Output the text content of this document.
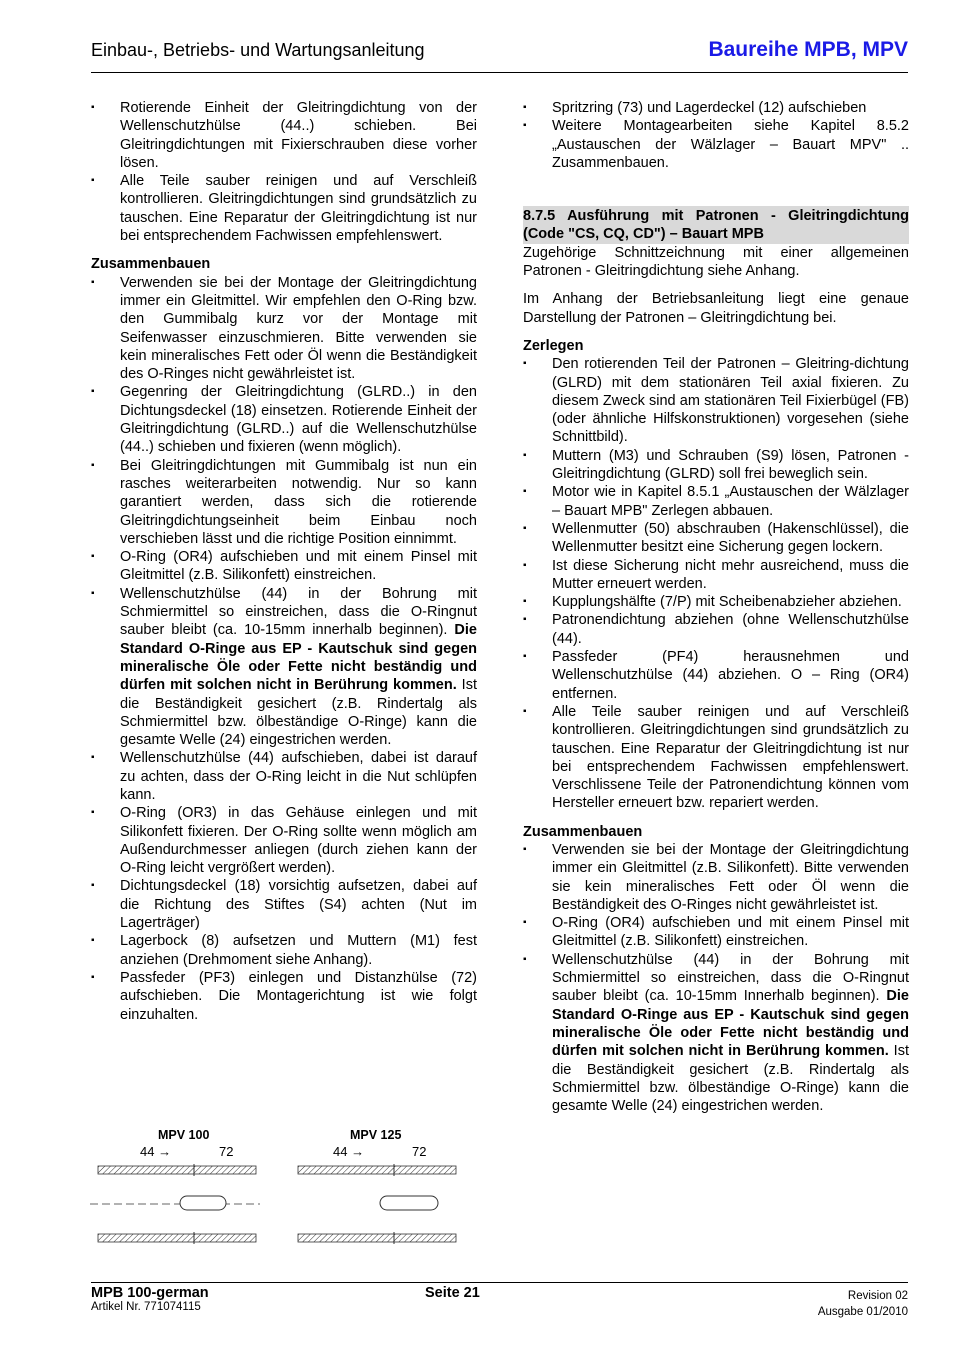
Einbau-, Betriebs- und Wartungsanleitung	Baureihe MPB, MPV
▪ Rotierende Einheit der Gleitringdichtung von der Wellenschutzhülse (44..) schieben. Bei Gleitringdichtungen mit Fixierschrauben diese vorher lösen.
▪ Alle Teile sauber reinigen und auf Verschleiß kontrollieren. Gleitringdichtungen sind grundsätzlich zu tauschen. Eine Reparatur der Gleitringdichtung ist nur bei entsprechendem Fachwissen empfehlenswert.
Zusammenbauen
▪ Verwenden sie bei der Montage der Gleitringdichtung immer ein Gleitmittel. Wir empfehlen den O-Ring bzw. den Gummibalg kurz vor der Montage mit Seifenwasser einzuschmieren. Bitte verwenden sie kein mineralisches Fett oder Öl wenn die Beständigkeit des O-Ringes nicht gewährleistet ist.
▪ Gegenring der Gleitringdichtung (GLRD..) in den Dichtungsdeckel (18) einsetzen. Rotierende Einheit der Gleitringdichtung (GLRD..) auf die Wellenschutzhülse (44..) schieben und fixieren (wenn möglich).
▪ Bei Gleitringdichtungen mit Gummibalg ist nun ein rasches weiterarbeiten notwendig. Nur so kann garantiert werden, dass sich die rotierende Gleitringdichtungseinheit beim Einbau noch verschieben lässt und die richtige Position einnimmt.
▪ O-Ring (OR4) aufschieben und mit einem Pinsel mit Gleitmittel (z.B. Silikonfett) einstreichen.
▪ Wellenschutzhülse (44) in der Bohrung mit Schmiermittel so einstreichen, dass die O-Ringnut sauber bleibt (ca. 10-15mm innerhalb beginnen). Die Standard O-Ringe aus EP - Kautschuk sind gegen mineralische Öle oder Fette nicht beständig und dürfen mit solchen nicht in Berührung kommen. Ist die Beständigkeit gesichert (z.B. Rindertalg als Schmiermittel bzw. ölbeständige O-Ringe) kann die gesamte Welle (24) eingestrichen werden.
▪ Wellenschutzhülse (44) aufschieben, dabei ist darauf zu achten, dass der O-Ring leicht in die Nut schlüpfen kann.
▪ O-Ring (OR3) in das Gehäuse einlegen und mit Silikonfett fixieren. Der O-Ring sollte wenn möglich am Außendurchmesser anliegen (durch ziehen kann der O-Ring leicht vergrößert werden).
▪ Dichtungsdeckel (18) vorsichtig aufsetzen, dabei auf die Richtung des Stiftes (S4) achten (Nut im Lagerträger)
▪ Lagerbock (8) aufsetzen und Muttern (M1) fest anziehen (Drehmoment siehe Anhang).
▪ Passfeder (PF3) einlegen und Distanzhülse (72) aufschieben. Die Montagerichtung ist wie folgt einzuhalten.
MPV 100
44 →	72
MPV 125
44 →	72
▪ Spritzring (73) und Lagerdeckel (12) aufschieben
▪ Weitere Montagearbeiten siehe Kapitel 8.5.2 „Austauschen der Wälzlager – Bauart MPV" .. Zusammenbauen.
8.7.5 Ausführung mit Patronen - Gleitringdichtung (Code "CS, CQ, CD") – Bauart MPB

Zugehörige Schnittzeichnung mit einer allgemeinen Patronen - Gleitringdichtung siehe Anhang.

Im Anhang der Betriebsanleitung liegt eine genaue Darstellung der Patronen – Gleitringdichtung bei.

Zerlegen
▪ Den rotierenden Teil der Patronen – Gleitring-dichtung (GLRD) mit dem stationären Teil axial fixieren. Zu diesem Zweck sind am stationären Teil Fixierbügel (FB) (oder ähnliche Hilfskonstruktionen) vorgesehen (siehe Schnittbild).
▪ Muttern (M3) und Schrauben (S9) lösen, Patronen - Gleitringdichtung (GLRD) soll frei beweglich sein.
▪ Motor wie in Kapitel 8.5.1 „Austauschen der Wälzlager – Bauart MPB" Zerlegen abbauen.
▪ Wellenmutter (50) abschrauben (Hakenschlüssel), die Wellenmutter besitzt eine Sicherung gegen lockern.
▪ Ist diese Sicherung nicht mehr ausreichend, muss die Mutter erneuert werden.
▪ Kupplungshälfte (7/P) mit Scheibenabzieher abziehen.
▪ Patronendichtung abziehen (ohne Wellenschutzhülse (44).
▪ Passfeder (PF4) herausnehmen und Wellenschutzhülse (44) abziehen. O – Ring (OR4) entfernen.
▪ Alle Teile sauber reinigen und auf Verschleiß kontrollieren. Gleitringdichtungen sind grundsätzlich zu tauschen. Eine Reparatur der Gleitringdichtung ist nur bei entsprechendem Fachwissen empfehlenswert. Verschlissene Teile der Patronendichtung können vom Hersteller erneuert bzw. repariert werden.
Zusammenbauen
▪ Verwenden sie bei der Montage der Gleitringdichtung immer ein Gleitmittel (z.B. Silikonfett). Bitte verwenden sie kein mineralisches Fett oder Öl wenn die Beständigkeit des O-Ringes nicht gewährleistet ist.
▪ O-Ring (OR4) aufschieben und mit einem Pinsel mit Gleitmittel (z.B. Silikonfett) einstreichen.
▪ Wellenschutzhülse (44) in der Bohrung mit Schmiermittel so einstreichen, dass die O-Ringnut sauber bleibt (ca. 10-15mm Innerhalb beginnen). Die Standard O-Ringe aus EP - Kautschuk sind gegen mineralische Öle oder Fette nicht beständig und dürfen mit solchen nicht in Berührung kommen. Ist die Beständigkeit gesichert (z.B. Rindertalg als Schmiermittel bzw. ölbeständige O-Ringe) kann die gesamte Welle (24) eingestrichen werden.
MPB 100-german
Artikel Nr. 771074115
Seite 21	Revision 02
Ausgabe 01/2010
